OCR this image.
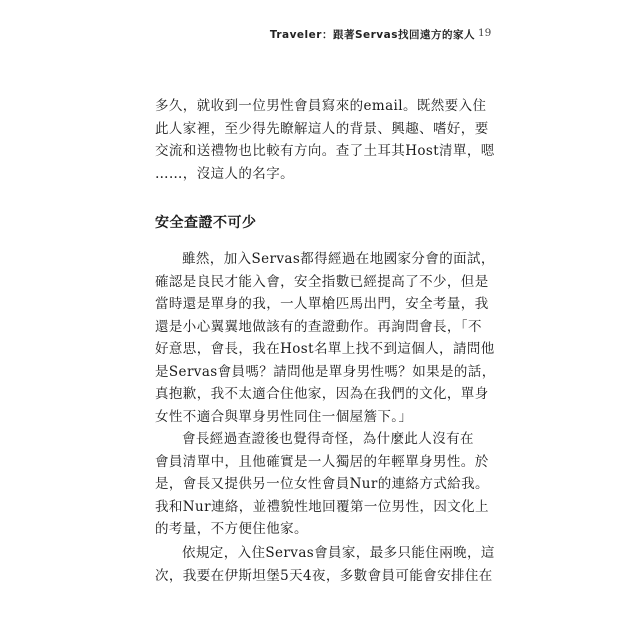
Traveler：跟著Servas找回遠方的家人 19

多久，就收到一位男性會員寫來的email。既然要入住
此人家裡，至少得先瞭解這人的背景、興趣、嗜好，要
交流和送禮物也比較有方向。查了土耳其Host清單，嗯
……，沒這人的名字。

安全查證不可少

雖然，加入Servas都得經過在地國家分會的面試，
確認是良民才能入會，安全指數已經提高了不少，但是
當時還是單身的我，一人單槍匹馬出門，安全考量，我
還是小心翼翼地做該有的查證動作。再詢問會長，「不
好意思，會長，我在Host名單上找不到這個人，請問他
是Servas會員嗎？請問他是單身男性嗎？如果是的話，
真抱歉，我不太適合住他家，因為在我們的文化，單身
女性不適合與單身男性同住一個屋簷下。」

會長經過查證後也覺得奇怪，為什麼此人沒有在
會員清單中，且他確實是一人獨居的年輕單身男性。於
是，會長又提供另一位女性會員Nur的連絡方式給我。
我和Nur連絡，並禮貌性地回覆第一位男性，因文化上
的考量，不方便住他家。

依規定，入住Servas會員家，最多只能住兩晚，這
次，我要在伊斯坦堡5天4夜，多數會員可能會安排住在
